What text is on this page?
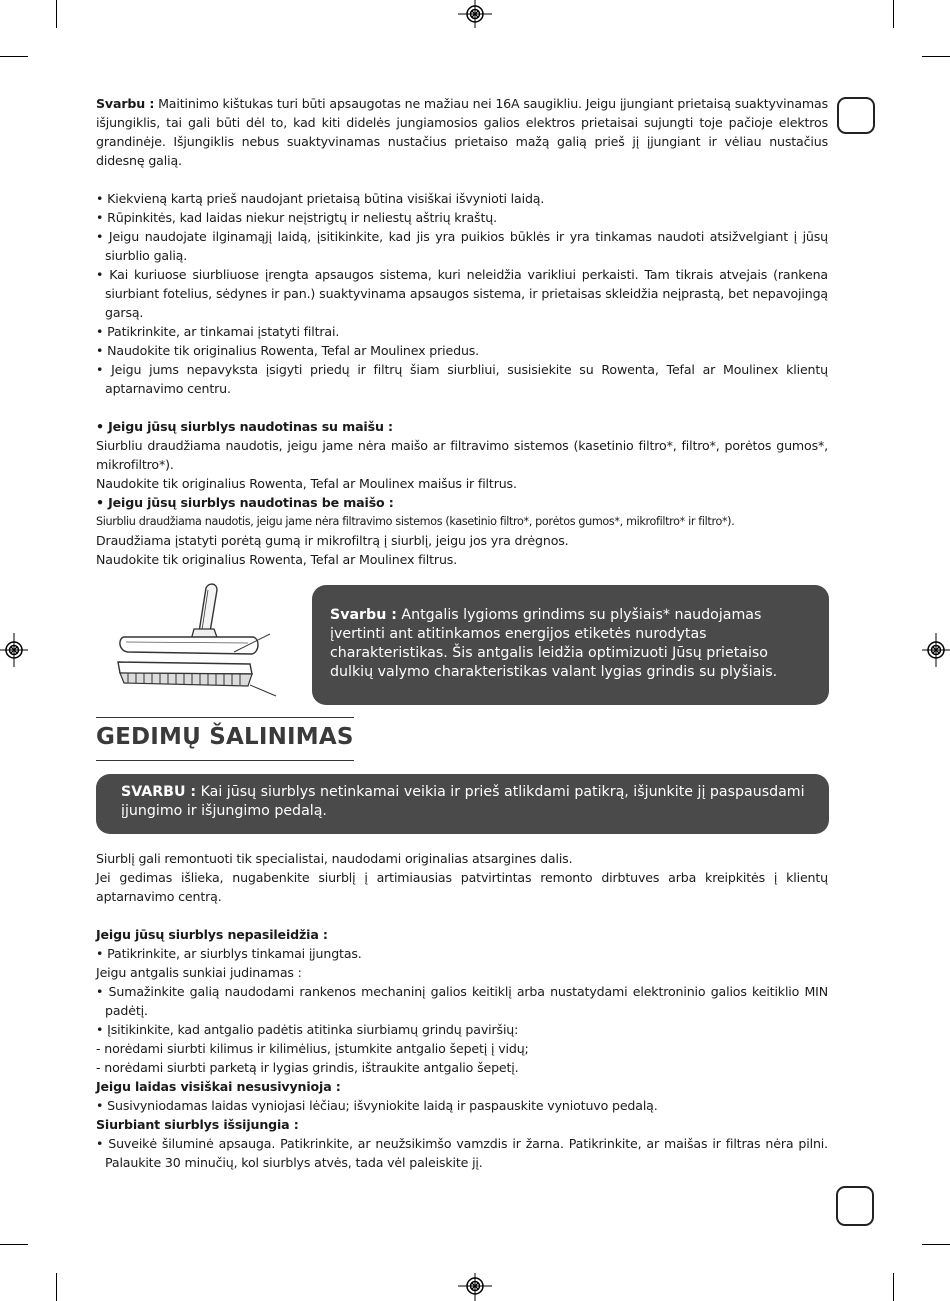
Svarbu : Maitinimo kištukas turi būti apsaugotas ne mažiau nei 16A saugikliu. Jeigu įjungiant prietaisą suaktyvinamas išjungiklis, tai gali būti dėl to, kad kiti didelės jungiamosios galios elektros prietaisai sujungti toje pačioje elektros grandinėje. Išjungiklis nebus suaktyvinamas nustačius prietaiso mažą galią prieš jį įjungiant ir vėliau nustačius didesnę galią.

• Kiekvieną kartą prieš naudojant prietaisą būtina visiškai išvynioti laidą.

• Rūpinkitės, kad laidas niekur neįstrigtų ir neliestų aštrių kraštų.

• Jeigu naudojate ilginamąjį laidą, įsitikinkite, kad jis yra puikios būklės ir yra tinkamas naudoti atsižvelgiant į jūsų siurblio galią.

• Kai kuriuose siurbliuose įrengta apsaugos sistema, kuri neleidžia varikliui perkaisti. Tam tikrais atvejais (rankena siurbiant fotelius, sėdynes ir pan.) suaktyvinama apsaugos sistema, ir prietaisas skleidžia neįprastą, bet nepavojingą garsą.

• Patikrinkite, ar tinkamai įstatyti filtrai.

• Naudokite tik originalius Rowenta, Tefal ar Moulinex priedus.

• Jeigu jums nepavyksta įsigyti priedų ir filtrų šiam siurbliui, susisiekite su Rowenta, Tefal ar Moulinex klientų aptarnavimo centru.

• Jeigu jūsų siurblys naudotinas su maišu :

Siurbliu draudžiama naudotis, jeigu jame nėra maišo ar filtravimo sistemos (kasetinio filtro*, filtro*, porėtos gumos*, mikrofiltro*).

Naudokite tik originalius Rowenta, Tefal ar Moulinex maišus ir filtrus.

• Jeigu jūsų siurblys naudotinas be maišo :

Siurbliu draudžiama naudotis, jeigu jame nėra filtravimo sistemos (kasetinio filtro*, porėtos gumos*, mikrofiltro* ir filtro*).

Draudžiama įstatyti porėtą gumą ir mikrofiltrą į siurblį, jeigu jos yra drėgnos.

Naudokite tik originalius Rowenta, Tefal ar Moulinex filtrus.

Svarbu : Antgalis lygioms grindims su plyšiais* naudojamas įvertinti ant atitinkamos energijos etiketės nurodytas charakteristikas. Šis antgalis leidžia optimizuoti Jūsų prietaiso dulkių valymo charakteristikas valant lygias grindis su plyšiais.
GEDIMŲ ŠALINIMAS
SVARBU : Kai jūsų siurblys netinkamai veikia ir prieš atlikdami patikrą, išjunkite jį paspausdami įjungimo ir išjungimo pedalą.

Siurblį gali remontuoti tik specialistai, naudodami originalias atsargines dalis.

Jei gedimas išlieka, nugabenkite siurblį į artimiausias patvirtintas remonto dirbtuves arba kreipkitės į klientų aptarnavimo centrą.

Jeigu jūsų siurblys nepasileidžia :

• Patikrinkite, ar siurblys tinkamai įjungtas.

Jeigu antgalis sunkiai judinamas :

• Sumažinkite galią naudodami rankenos mechaninį galios keitiklį arba nustatydami elektroninio galios keitiklio MIN padėtį.

• Įsitikinkite, kad antgalio padėtis atitinka siurbiamų grindų paviršių:

- norėdami siurbti kilimus ir kilimėlius, įstumkite antgalio šepetį į vidų;

- norėdami siurbti parketą ir lygias grindis, ištraukite antgalio šepetį.

Jeigu laidas visiškai nesusivynioja :

• Susivyniodamas laidas vyniojasi lėčiau; išvyniokite laidą ir paspauskite vyniotuvo pedalą.

Siurbiant siurblys išsijungia :

• Suveikė šiluminė apsauga. Patikrinkite, ar neužsikimšo vamzdis ir žarna. Patikrinkite, ar maišas ir filtras nėra pilni. Palaukite 30 minučių, kol siurblys atvės, tada vėl paleiskite jį.
